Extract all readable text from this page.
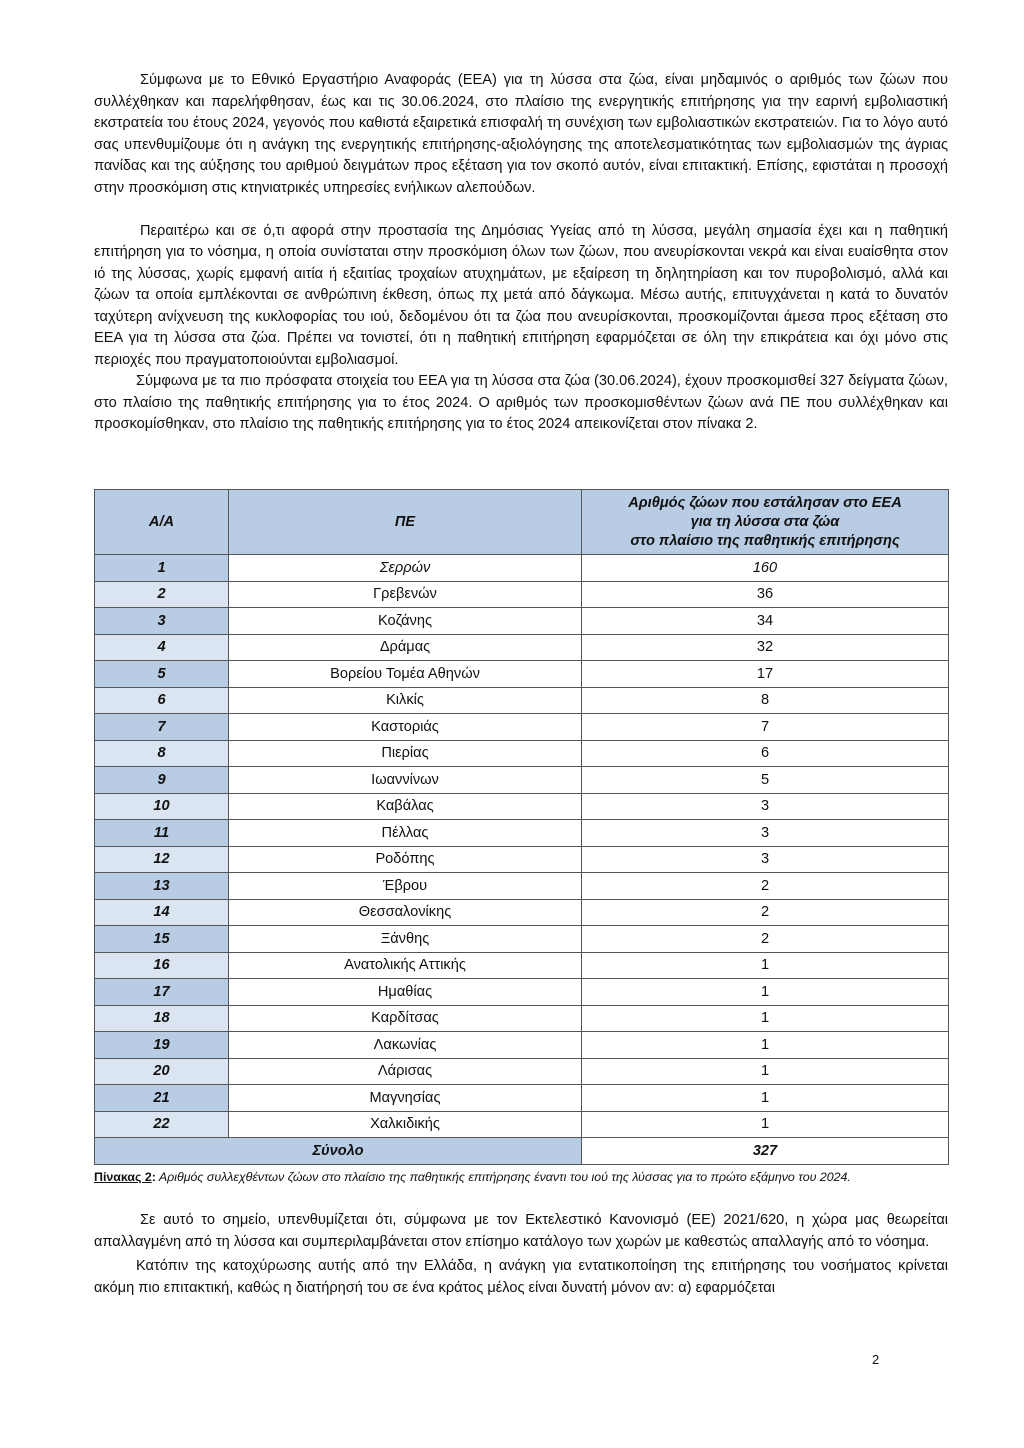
Σύμφωνα με το Εθνικό Εργαστήριο Αναφοράς (ΕΕΑ) για τη λύσσα στα ζώα, είναι μηδαμινός ο αριθμός των ζώων που συλλέχθηκαν και παρελήφθησαν, έως και τις 30.06.2024, στο πλαίσιο της ενεργητικής επιτήρησης για την εαρινή εμβολιαστική εκστρατεία του έτους 2024, γεγονός που καθιστά εξαιρετικά επισφαλή τη συνέχιση των εμβολιαστικών εκστρατειών. Για το λόγο αυτό σας υπενθυμίζουμε ότι η ανάγκη της ενεργητικής επιτήρησης-αξιολόγησης της αποτελεσματικότητας των εμβολιασμών της άγριας πανίδας και της αύξησης του αριθμού δειγμάτων προς εξέταση για τον σκοπό αυτόν, είναι επιτακτική. Επίσης, εφιστάται η προσοχή στην προσκόμιση στις κτηνιατρικές υπηρεσίες ενήλικων αλεπούδων.

Περαιτέρω και σε ό,τι αφορά στην προστασία της Δημόσιας Υγείας από τη λύσσα, μεγάλη σημασία έχει και η παθητική επιτήρηση για το νόσημα, η οποία συνίσταται στην προσκόμιση όλων των ζώων, που ανευρίσκονται νεκρά και είναι ευαίσθητα στον ιό της λύσσας, χωρίς εμφανή αιτία ή εξαιτίας τροχαίων ατυχημάτων, με εξαίρεση τη δηλητηρίαση και τον πυροβολισμό, αλλά και ζώων τα οποία εμπλέκονται σε ανθρώπινη έκθεση, όπως πχ μετά από δάγκωμα. Μέσω αυτής, επιτυγχάνεται η κατά το δυνατόν ταχύτερη ανίχνευση της κυκλοφορίας του ιού, δεδομένου ότι τα ζώα που ανευρίσκονται, προσκομίζονται άμεσα προς εξέταση στο ΕΕΑ για τη λύσσα στα ζώα. Πρέπει να τονιστεί, ότι η παθητική επιτήρηση εφαρμόζεται σε όλη την επικράτεια και όχι μόνο στις περιοχές που πραγματοποιούνται εμβολιασμοί.

Σύμφωνα με τα πιο πρόσφατα στοιχεία του ΕΕΑ για τη λύσσα στα ζώα (30.06.2024), έχουν προσκομισθεί 327 δείγματα ζώων, στο πλαίσιο της παθητικής επιτήρησης για το έτος 2024. Ο αριθμός των προσκομισθέντων ζώων ανά ΠΕ που συλλέχθηκαν και προσκομίσθηκαν, στο πλαίσιο της παθητικής επιτήρησης για το έτος 2024 απεικονίζεται στον πίνακα 2.

Α/Α	ΠΕ	Αριθμός ζώων που εστάλησαν στο ΕΕΑ
για τη λύσσα στα ζώα
στο πλαίσιο της παθητικής επιτήρησης

1	Σερρών	160
2	Γρεβενών	36
3	Κοζάνης	34
4	Δράμας	32
5	Βορείου Τομέα Αθηνών	17
6	Κιλκίς	8
7	Καστοριάς	7
8	Πιερίας	6
9	Ιωαννίνων	5
10	Καβάλας	3
11	Πέλλας	3
12	Ροδόπης	3
13	Έβρου	2
14	Θεσσαλονίκης	2
15	Ξάνθης	2
16	Ανατολικής Αττικής	1
17	Ημαθίας	1
18	Καρδίτσας	1
19	Λακωνίας	1
20	Λάρισας	1
21	Μαγνησίας	1
22	Χαλκιδικής	1
Σύνολο		327
Πίνακας 2: Αριθμός συλλεχθέντων ζώων στο πλαίσιο της παθητικής επιτήρησης έναντι του ιού της λύσσας για το πρώτο εξάμηνο του 2024.

Σε αυτό το σημείο, υπενθυμίζεται ότι, σύμφωνα με τον Εκτελεστικό Κανονισμό (ΕΕ) 2021/620, η χώρα μας θεωρείται απαλλαγμένη από τη λύσσα και συμπεριλαμβάνεται στον επίσημο κατάλογο των χωρών με καθεστώς απαλλαγής από το νόσημα.

Κατόπιν της κατοχύρωσης αυτής από την Ελλάδα, η ανάγκη για εντατικοποίηση της επιτήρησης του νοσήματος κρίνεται ακόμη πιο επιτακτική, καθώς η διατήρησή του σε ένα κράτος μέλος είναι δυνατή μόνον αν: α) εφαρμόζεται

2
